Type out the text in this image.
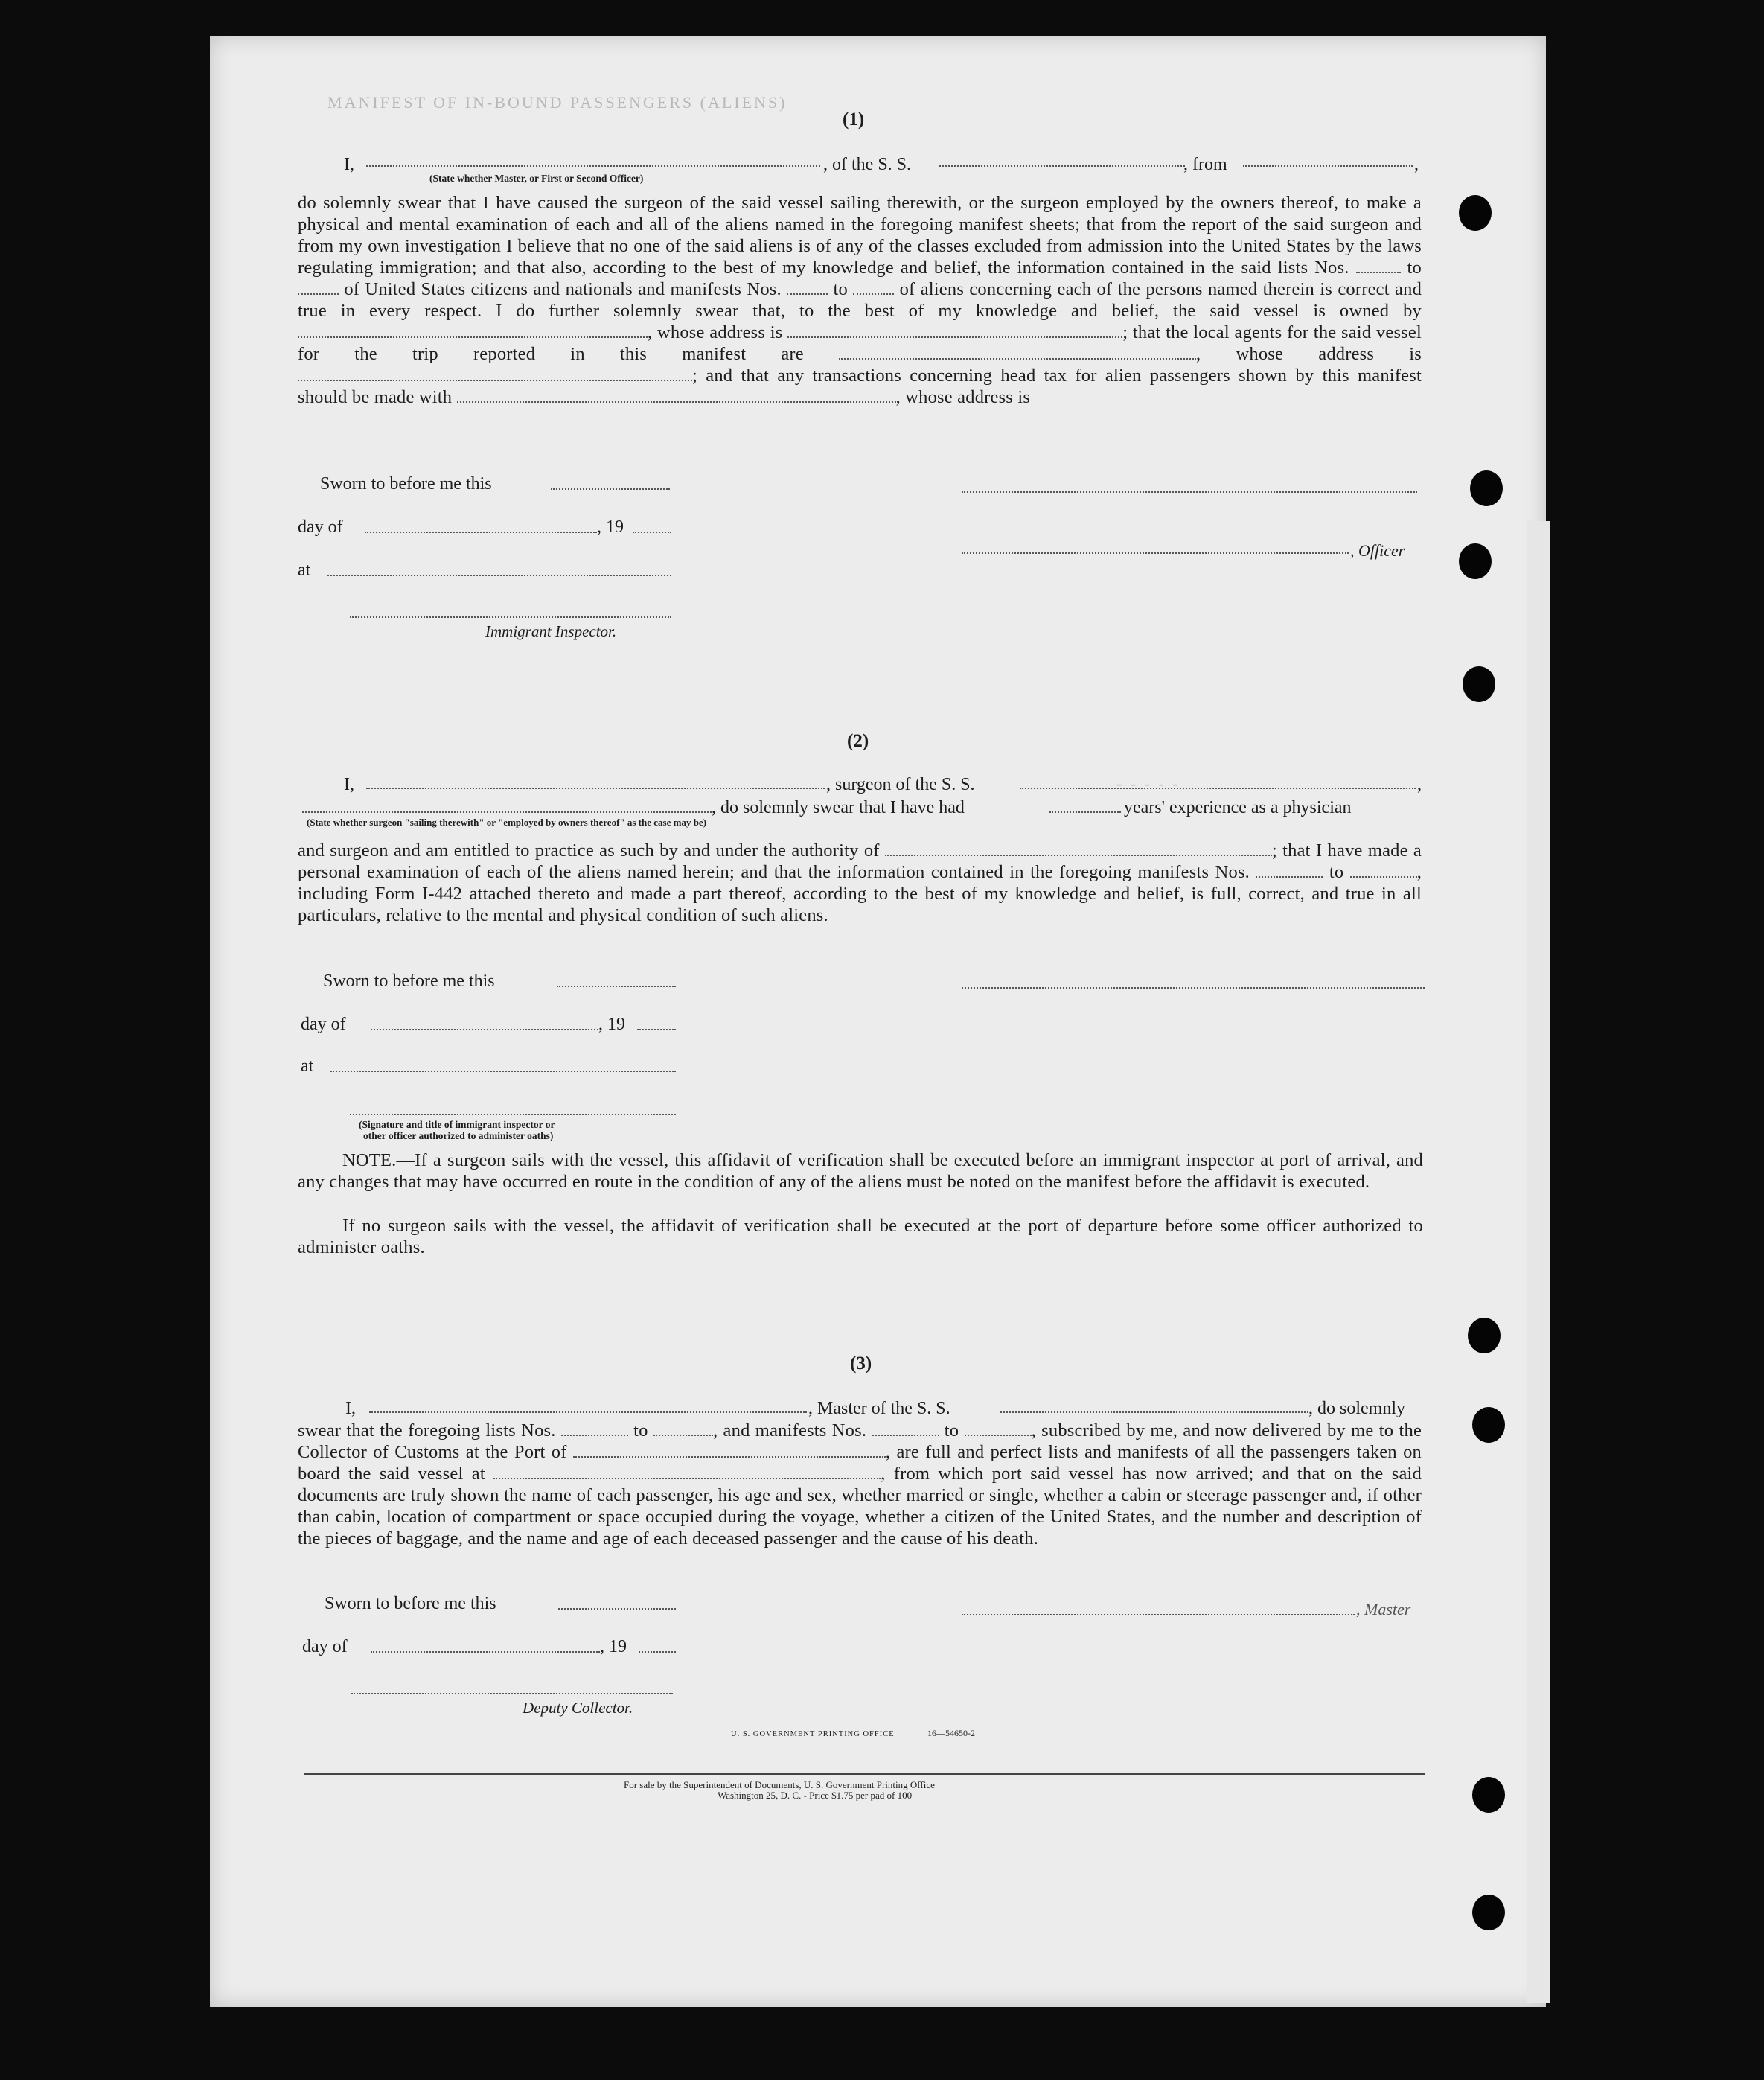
MANIFEST OF IN-BOUND PASSENGERS (ALIENS)
- - - - -
(1)
I,
(State whether Master, or First or Second Officer)
, of the S. S.	, from	,
do solemnly swear that I have caused the surgeon of the said vessel sailing therewith, or the surgeon employed by the owners thereof, to make a physical and mental examination of each and all of the aliens named in the foregoing manifest sheets; that from the report of the said surgeon and from my own investigation I believe that no one of the said aliens is of any of the classes excluded from admission into the United States by the laws regulating immigration; and that also, according to the best of my knowledge and belief, the information contained in the said lists Nos.	to  of United States citizens and nationals and manifests Nos.	to	of aliens concerning each of the persons named therein is correct and true in every respect. I do further solemnly swear that, to the best of my knowledge and belief, the said vessel is owned by , whose address is	; that the local agents for the said vessel for the trip reported in this manifest are	, whose address is ; and that any transactions concerning head tax for alien passengers shown by this manifest should be made with	, whose address is
Sworn to before me this
day of	, 19
at
Immigrant Inspector.
, Officer
(2)
I,	, surgeon of the S. S.	,
, do solemnly swear that I have had	years' experience as a physician
(State whether surgeon "sailing therewith" or "employed by owners thereof" as the case may be)
and surgeon and am entitled to practice as such by and under the authority of	; that I have made a personal examination of each of the aliens named herein; and that the information contained in the foregoing manifests Nos.	to	, including Form I-442 attached thereto and made a part thereof, according to the best of my knowledge and belief, is full, correct, and true in all particulars, relative to the mental and physical condition of such aliens.
Sworn to before me this
day of	, 19
at
(Signature and title of immigrant inspector or
other officer authorized to administer oaths)
NOTE.—If a surgeon sails with the vessel, this affidavit of verification shall be executed before an immigrant inspector at port of arrival, and any changes that may have occurred en route in the condition of any of the aliens must be noted on the manifest before the affidavit is executed.
If no surgeon sails with the vessel, the affidavit of verification shall be executed at the port of departure before some officer authorized to administer oaths.
(3)
I,	, Master of the S. S.	, do solemnly
swear that the foregoing lists Nos.	to	, and manifests Nos.	to	, subscribed by me, and now delivered by me to the Collector of Customs at the Port of	, are full and perfect lists and manifests of all the passengers taken on board the said vessel at	, from which port said vessel has now arrived; and that on the said documents are truly shown the name of each passenger, his age and sex, whether married or single, whether a cabin or steerage passenger and, if other than cabin, location of compartment or space occupied during the voyage, whether a citizen of the United States, and the number and description of the pieces of baggage, and the name and age of each deceased passenger and the cause of his death.
Sworn to before me this
day of	, 19
Deputy Collector.
, Master
U. S. GOVERNMENT PRINTING OFFICE	16—54650-2
For sale by the Superintendent of Documents, U. S. Government Printing Office
Washington 25, D. C. - Price $1.75 per pad of 100
